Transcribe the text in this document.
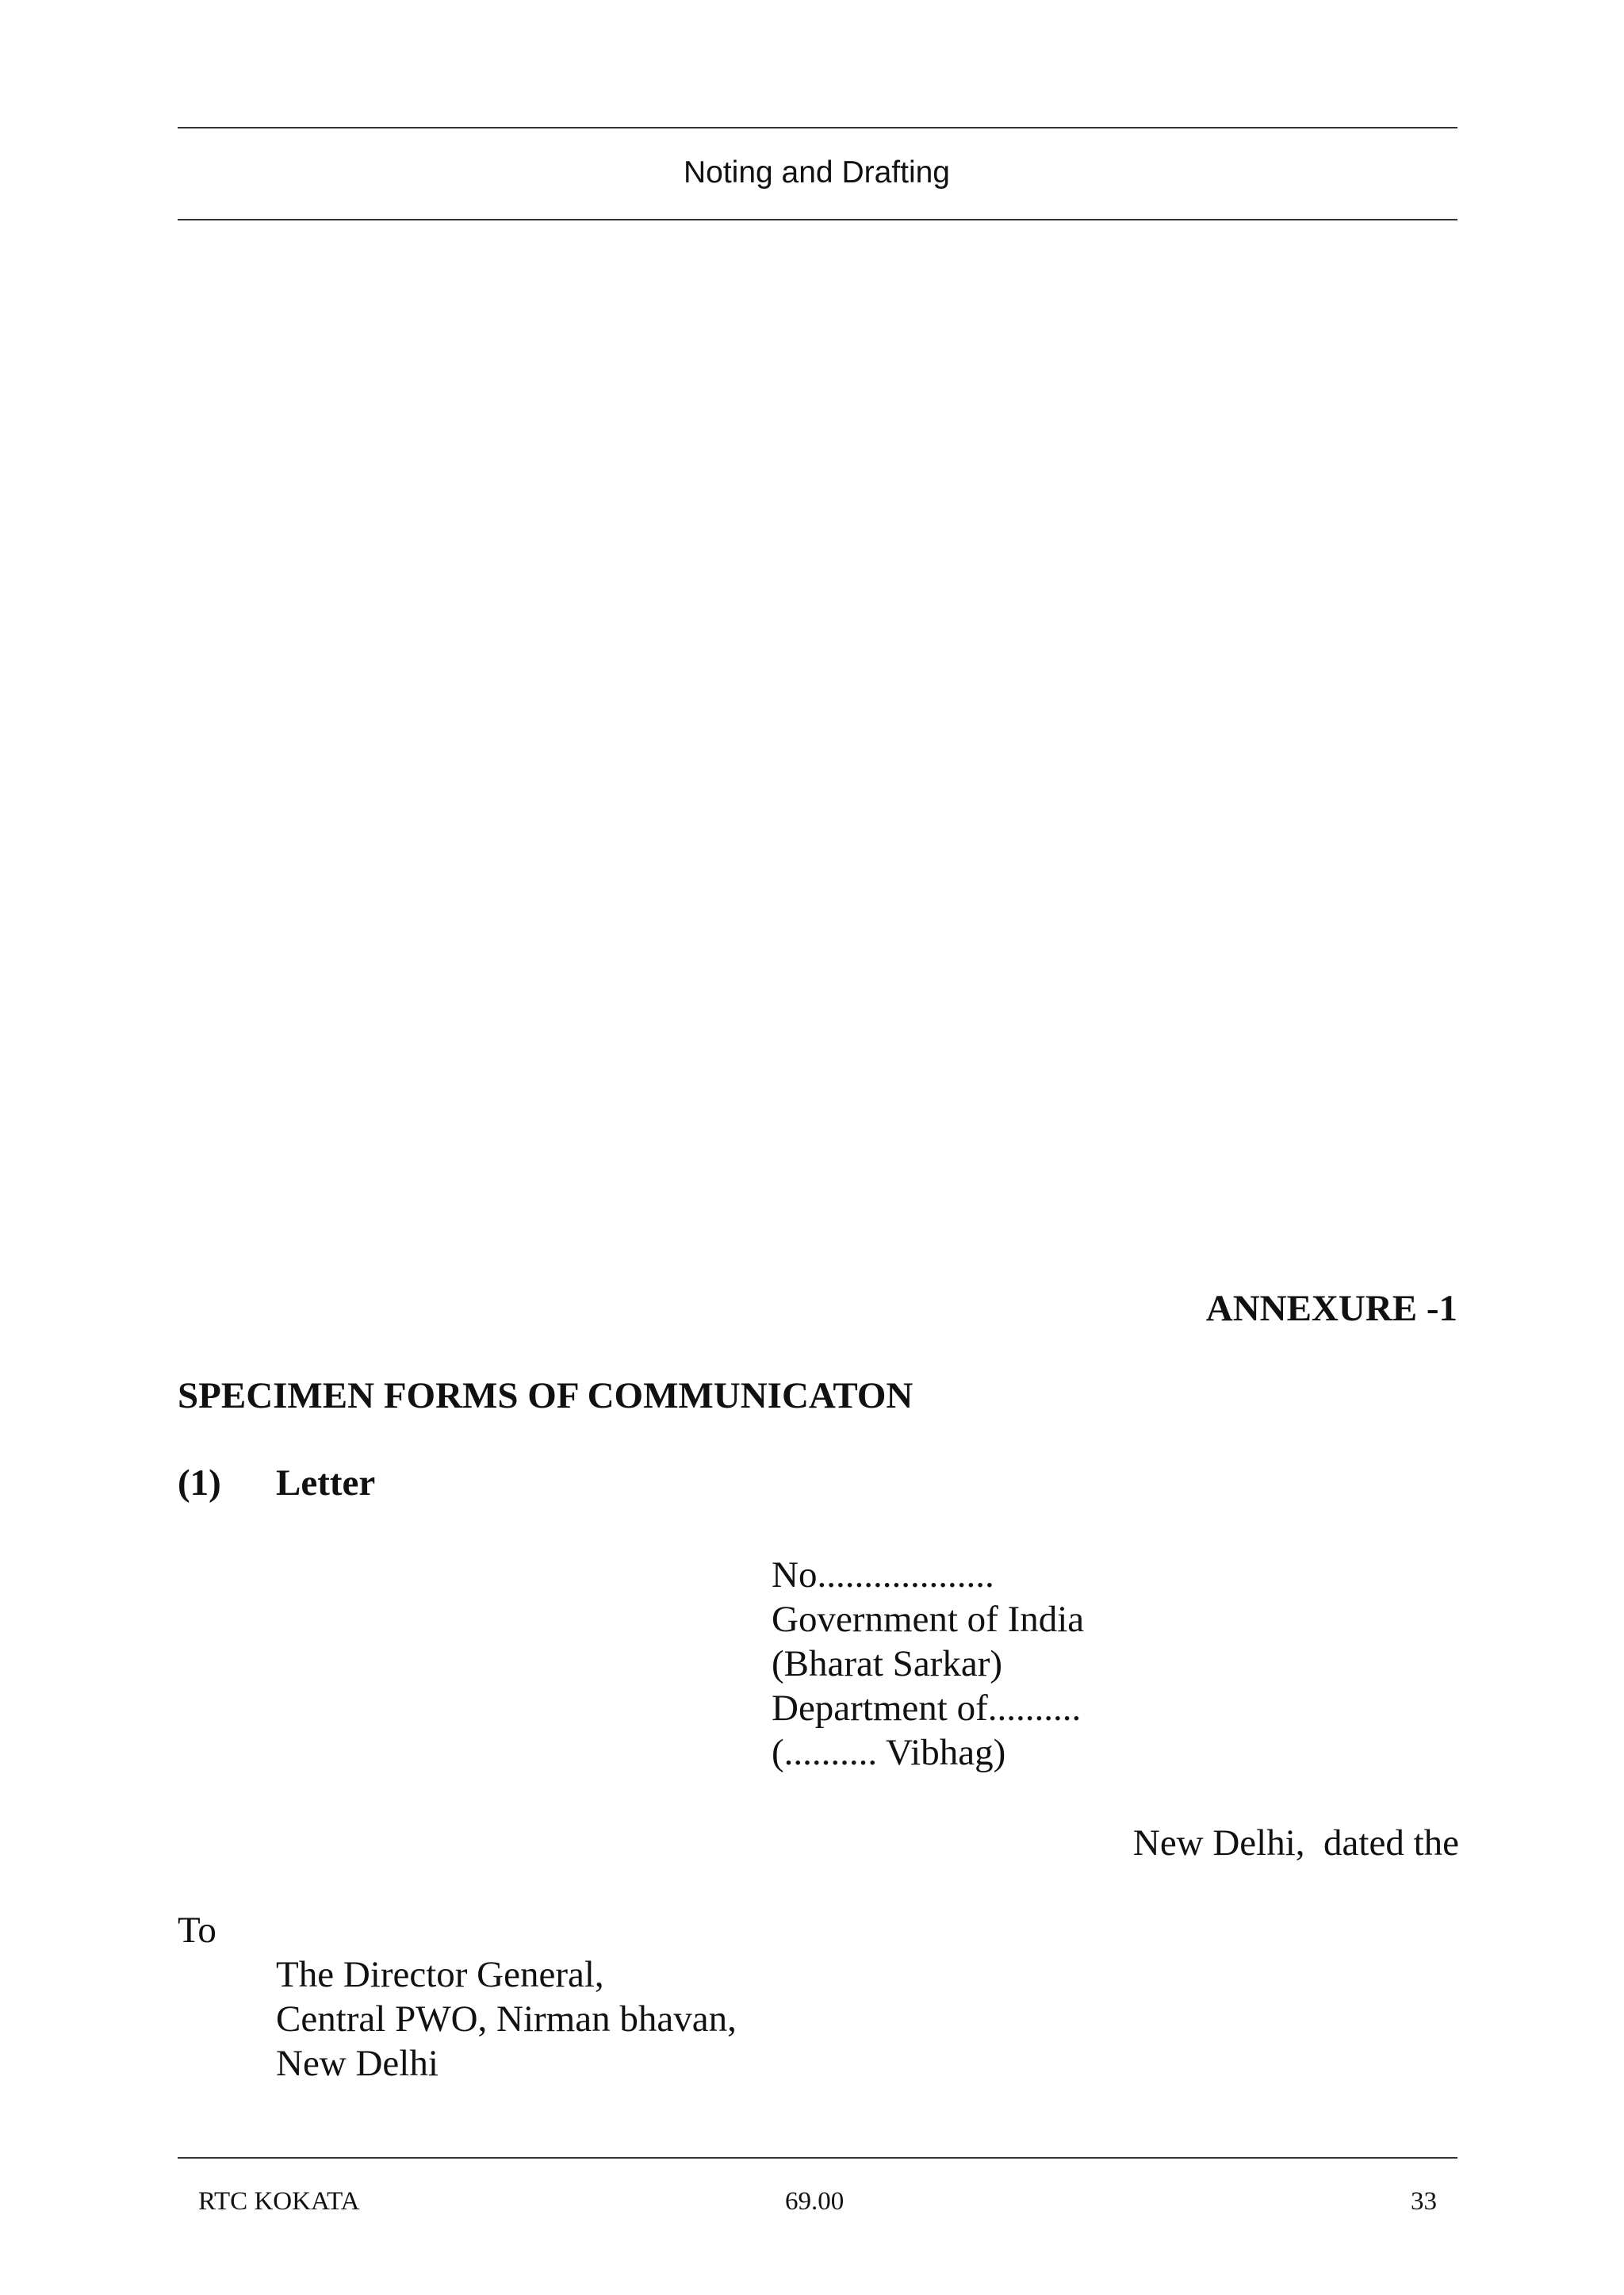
Noting and Drafting
ANNEXURE -1
SPECIMEN FORMS OF COMMUNICATON
(1) Letter
No...................
Government of India
(Bharat Sarkar)
Department of..........
(.......... Vibhag)
New Delhi,  dated the
To
The Director General,
Central PWO, Nirman bhavan,
New Delhi
RTC KOKATA	69.00	33
